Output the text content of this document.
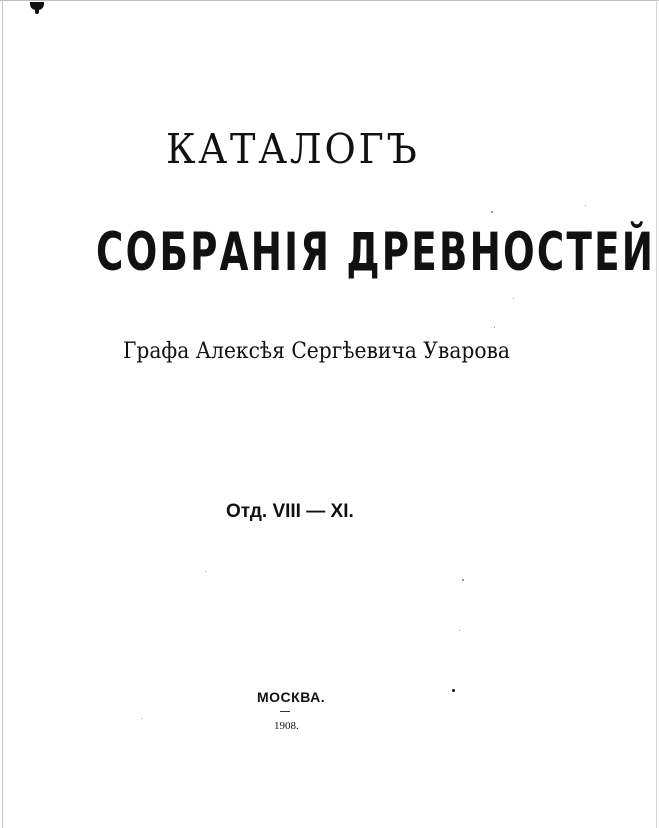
КАТАЛОГЪ
СОБРАНІЯ ДРЕВНОСТЕЙ
Графа Алексѣя Сергѣевича Уварова
Отд. VIII — XI.
МОСКВА.
1908.
